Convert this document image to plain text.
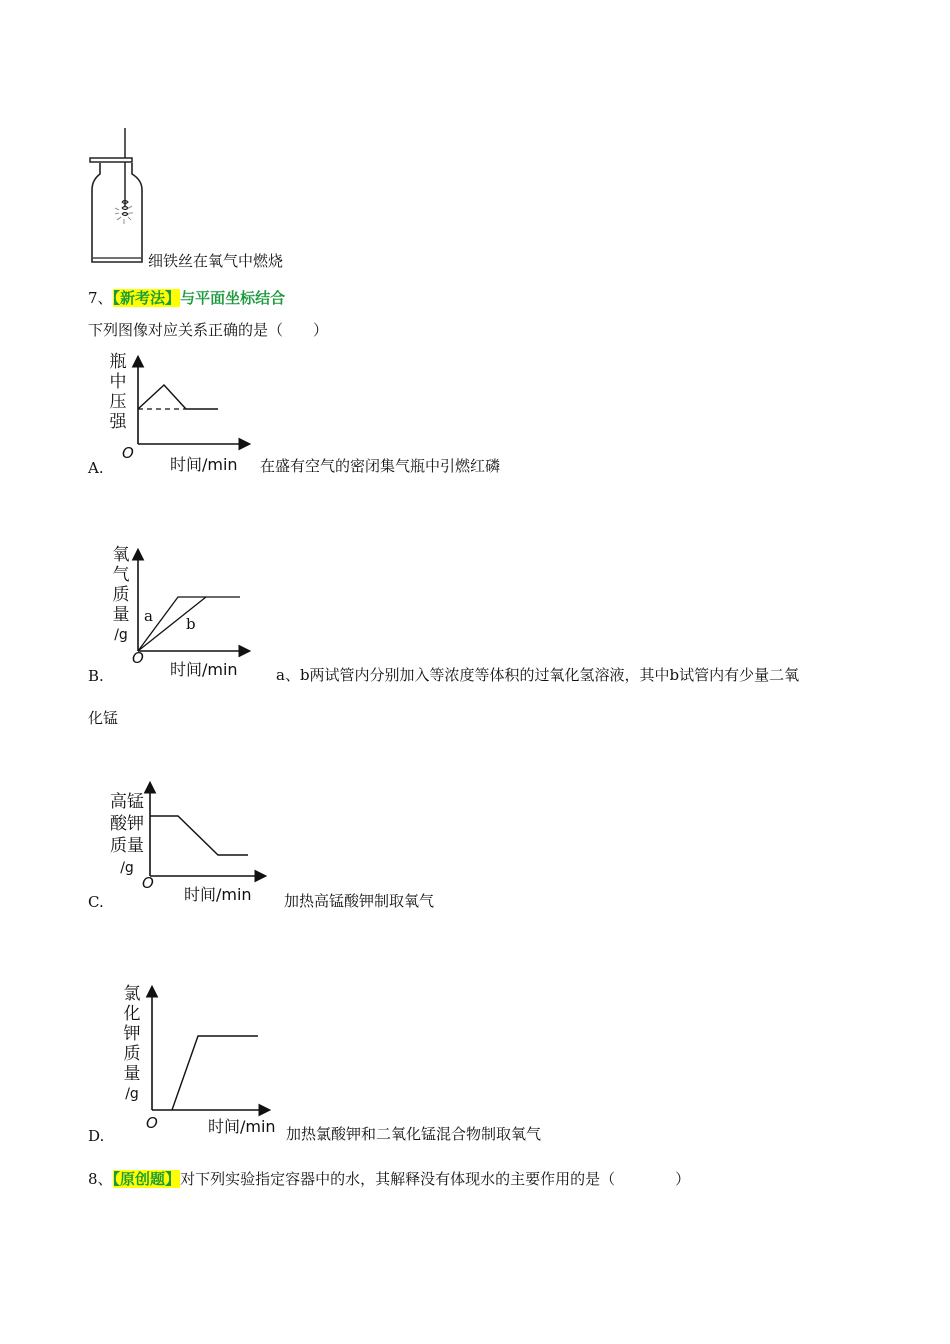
细铁丝在氧气中燃烧
7、【新考法】与平面坐标结合
下列图像对应关系正确的是（　　）
瓶
中
压
强
O
时间/min
A.	在盛有空气的密闭集气瓶中引燃红磷
氧
气
质
量
/g
a b
O
时间/min
B.	a、b两试管内分别加入等浓度等体积的过氧化氢溶液，其中b试管内有少量二氧
化锰
高锰
酸钾
质量
/g
O
时间/min
C.	加热高锰酸钾制取氧气
氯
化
钾
质
量
/g
O	时间/min
D.	加热氯酸钾和二氧化锰混合物制取氧气
8、【原创题】对下列实验指定容器中的水，其解释没有体现水的主要作用的是（　　　　）
